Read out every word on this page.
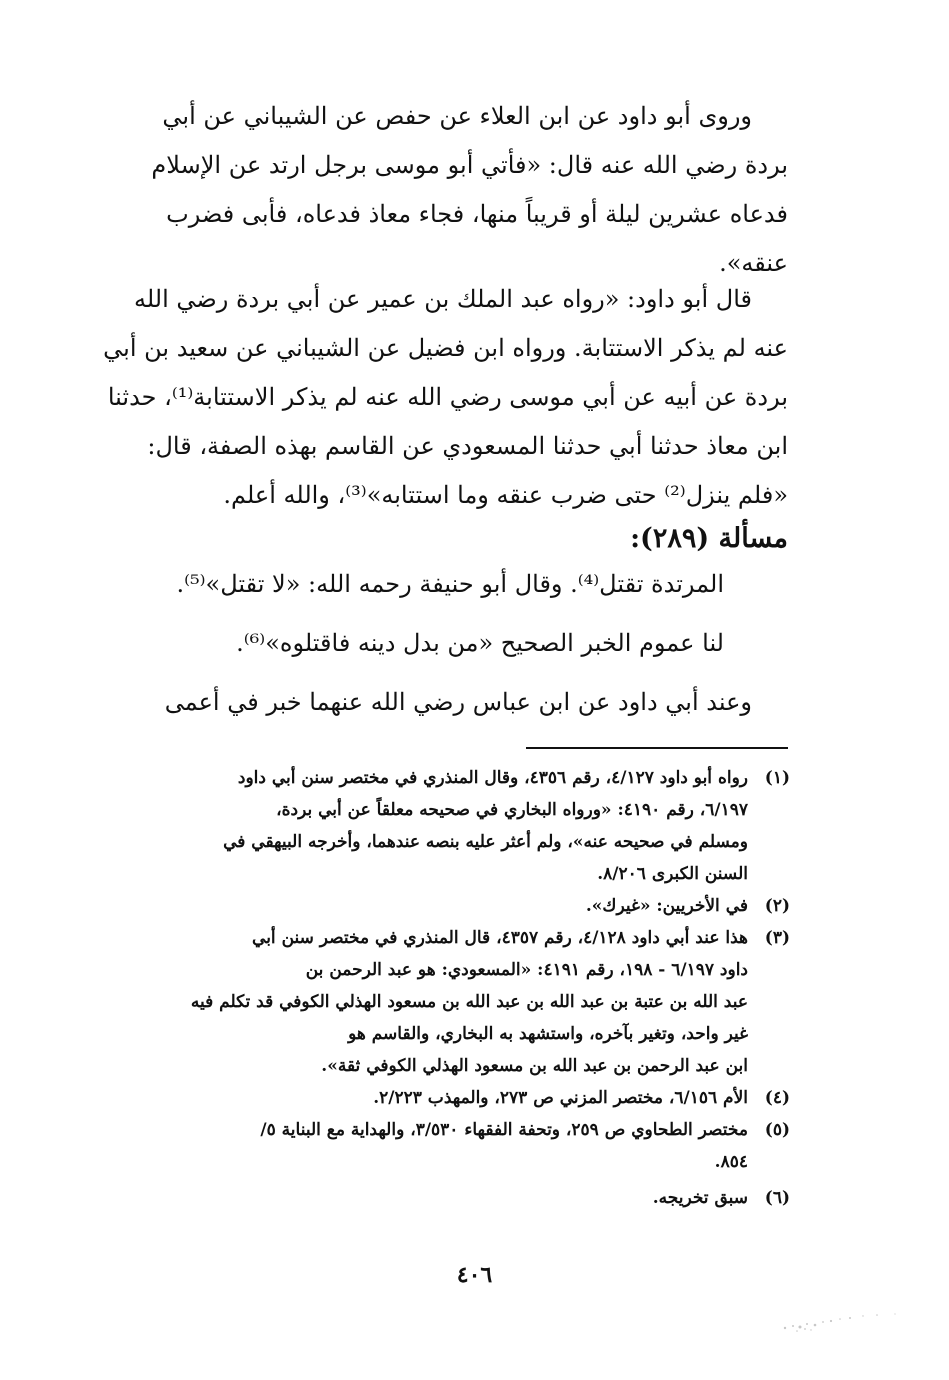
وروى أبو داود عن ابن العلاء عن حفص عن الشيباني عن أبي
بردة رضي الله عنه قال: «فأتي أبو موسى برجل ارتد عن الإسلام
فدعاه عشرين ليلة أو قريباً منها، فجاء معاذ فدعاه، فأبى فضرب
عنقه».
قال أبو داود: «رواه عبد الملك بن عمير عن أبي بردة رضي الله
عنه لم يذكر الاستتابة. ورواه ابن فضيل عن الشيباني عن سعيد بن أبي
بردة عن أبيه عن أبي موسى رضي الله عنه لم يذكر الاستتابة⁽¹⁾، حدثنا
ابن معاذ حدثنا أبي حدثنا المسعودي عن القاسم بهذه الصفة، قال:
«فلم ينزل⁽²⁾ حتى ضرب عنقه وما استتابه»⁽³⁾، والله أعلم.
مسألة (٢٨٩):
المرتدة تقتل⁽⁴⁾. وقال أبو حنيفة رحمه الله: «لا تقتل»⁽⁵⁾.
لنا عموم الخبر الصحيح «من بدل دينه فاقتلوه»⁽⁶⁾.
وعند أبي داود عن ابن عباس رضي الله عنهما خبر في أعمى
(١)
رواه أبو داود ٤/١٢٧، رقم ٤٣٥٦، وقال المنذري في مختصر سنن أبي داود
٦/١٩٧، رقم ٤١٩٠: «ورواه البخاري في صحيحه معلقاً عن أبي بردة،
ومسلم في صحيحه عنه»، ولم أعثر عليه بنصه عندهما، وأخرجه البيهقي في
السنن الكبرى ٨/٢٠٦.
(٢)
في الأخريين: «غيرك».
(٣)
هذا عند أبي داود ٤/١٢٨، رقم ٤٣٥٧، قال المنذري في مختصر سنن أبي
داود ٦/١٩٧ - ١٩٨، رقم ٤١٩١: «المسعودي: هو عبد الرحمن بن
عبد الله بن عتبة بن عبد الله بن عبد الله بن مسعود الهذلي الكوفي قد تكلم فيه
غير واحد، وتغير بآخره، واستشهد به البخاري، والقاسم هو
ابن عبد الرحمن بن عبد الله بن مسعود الهذلي الكوفي ثقة».
(٤)
الأم ٦/١٥٦، مختصر المزني ص ٢٧٣، والمهذب ٢/٢٢٣.
(٥)
مختصر الطحاوي ص ٢٥٩، وتحفة الفقهاء ٣/٥٣٠، والهداية مع البناية ٥/
٨٥٤.
(٦)
سبق تخريجه.
٤٠٦
